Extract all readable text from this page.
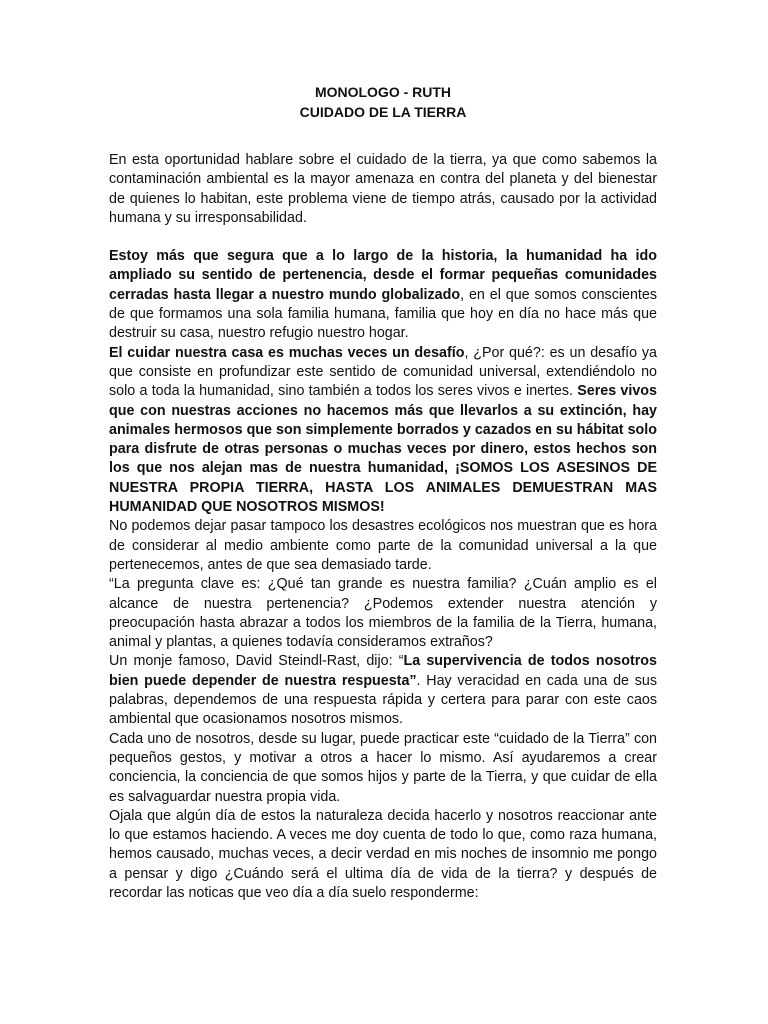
MONOLOGO - RUTH

CUIDADO DE LA TIERRA

En esta oportunidad hablare sobre el cuidado de la tierra, ya que como sabemos la contaminación ambiental es la mayor amenaza en contra del planeta y del bienestar de quienes lo habitan, este problema viene de tiempo atrás, causado por la actividad humana y su irresponsabilidad.

Estoy más que segura que a lo largo de la historia, la humanidad ha ido ampliado su sentido de pertenencia, desde el formar pequeñas comunidades cerradas hasta llegar a nuestro mundo globalizado, en el que somos conscientes de que formamos una sola familia humana, familia que hoy en día no hace más que destruir su casa, nuestro refugio nuestro hogar.

El cuidar nuestra casa es muchas veces un desafío, ¿Por qué?: es un desafío ya que consiste en profundizar este sentido de comunidad universal, extendiéndolo no solo a toda la humanidad, sino también a todos los seres vivos e inertes. Seres vivos que con nuestras acciones no hacemos más que llevarlos a su extinción, hay animales hermosos que son simplemente borrados y cazados en su hábitat solo para disfrute de otras personas o muchas veces por dinero, estos hechos son los que nos alejan mas de nuestra humanidad, ¡SOMOS LOS ASESINOS DE NUESTRA PROPIA TIERRA, HASTA LOS ANIMALES DEMUESTRAN MAS HUMANIDAD QUE NOSOTROS MISMOS!

No podemos dejar pasar tampoco los desastres ecológicos nos muestran que es hora de considerar al medio ambiente como parte de la comunidad universal a la que pertenecemos, antes de que sea demasiado tarde.

“La pregunta clave es: ¿Qué tan grande es nuestra familia? ¿Cuán amplio es el alcance de nuestra pertenencia? ¿Podemos extender nuestra atención y preocupación hasta abrazar a todos los miembros de la familia de la Tierra, humana, animal y plantas, a quienes todavía consideramos extraños?

Un monje famoso, David Steindl-Rast, dijo: “La supervivencia de todos nosotros bien puede depender de nuestra respuesta”. Hay veracidad en cada una de sus palabras, dependemos de una respuesta rápida y certera para parar con este caos ambiental que ocasionamos nosotros mismos.

Cada uno de nosotros, desde su lugar, puede practicar este “cuidado de la Tierra” con pequeños gestos, y motivar a otros a hacer lo mismo. Así ayudaremos a crear conciencia, la conciencia de que somos hijos y parte de la Tierra, y que cuidar de ella es salvaguardar nuestra propia vida.

Ojala que algún día de estos la naturaleza decida hacerlo y nosotros reaccionar ante lo que estamos haciendo. A veces me doy cuenta de todo lo que, como raza humana, hemos causado, muchas veces, a decir verdad en mis noches de insomnio me pongo a pensar y digo ¿Cuándo será el ultima día de vida de la tierra? y después de recordar las noticas que veo día a día suelo responderme:
